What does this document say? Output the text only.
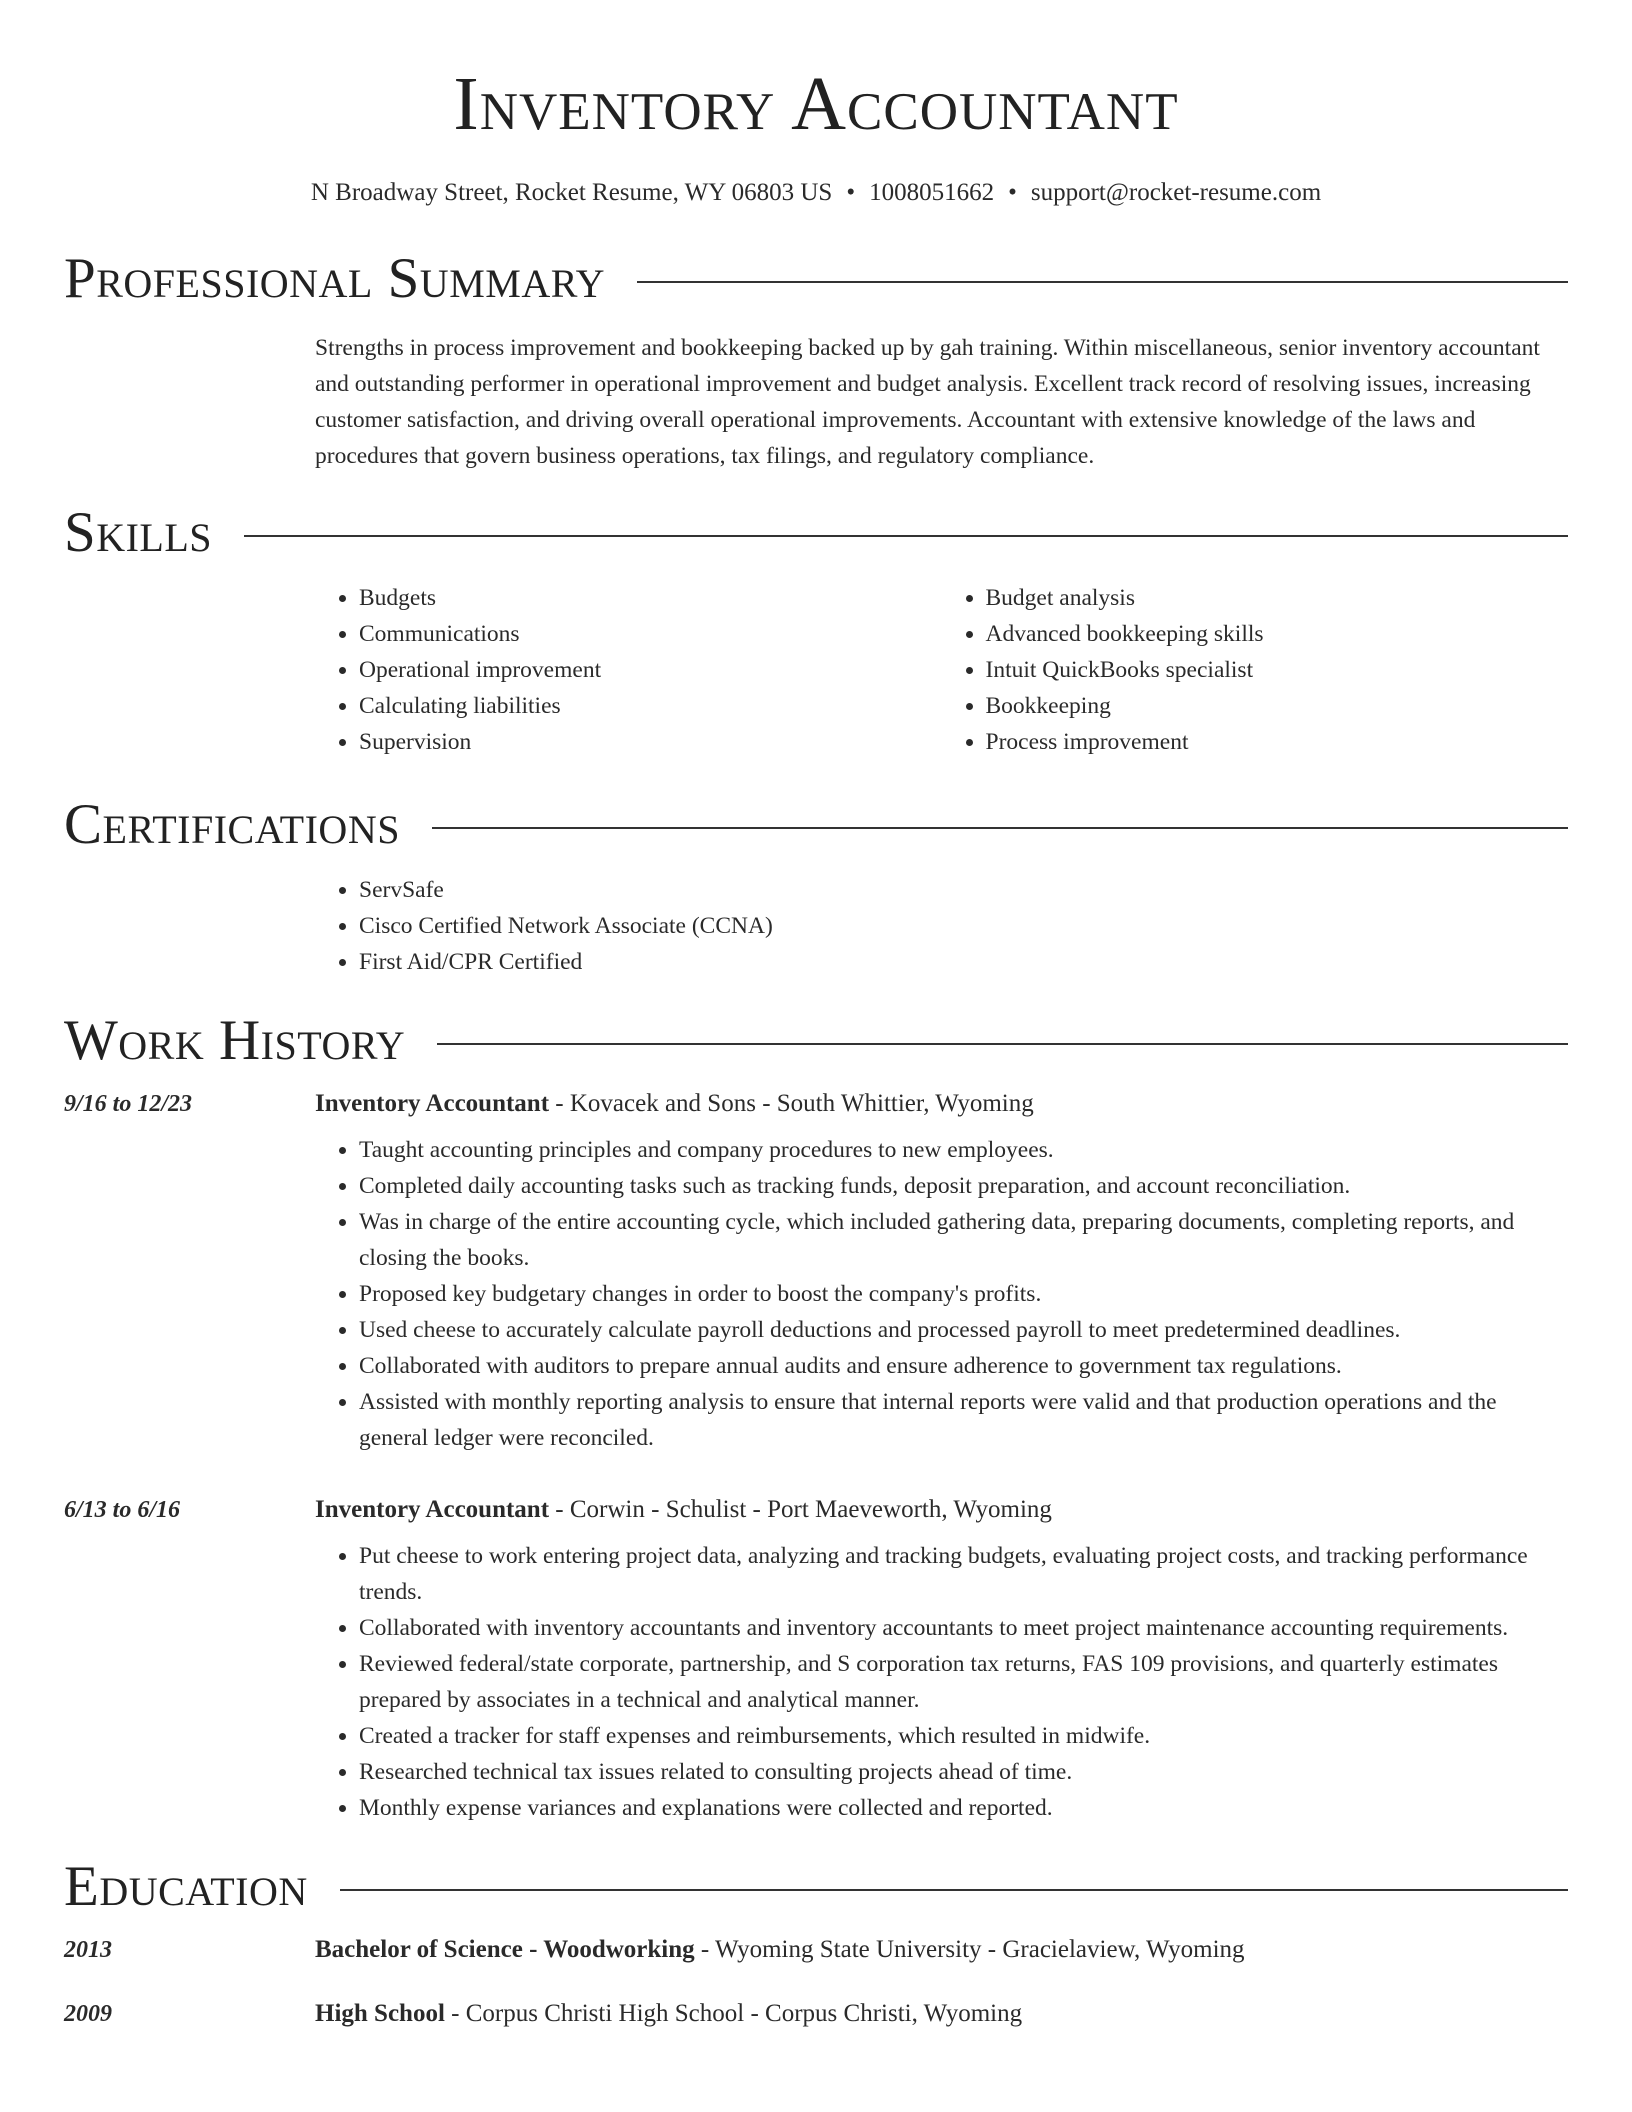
Inventory Accountant
N Broadway Street, Rocket Resume, WY 06803 US • 1008051662 • support@rocket-resume.com
Professional Summary
Strengths in process improvement and bookkeeping backed up by gah training. Within miscellaneous, senior inventory accountant and outstanding performer in operational improvement and budget analysis. Excellent track record of resolving issues, increasing customer satisfaction, and driving overall operational improvements. Accountant with extensive knowledge of the laws and procedures that govern business operations, tax filings, and regulatory compliance.
Skills
• Budgets
• Communications
• Operational improvement
• Calculating liabilities
• Supervision
• Budget analysis
• Advanced bookkeeping skills
• Intuit QuickBooks specialist
• Bookkeeping
• Process improvement
Certifications
• ServSafe
• Cisco Certified Network Associate (CCNA)
• First Aid/CPR Certified
Work History
9/16 to 12/23	Inventory Accountant - Kovacek and Sons - South Whittier, Wyoming
• Taught accounting principles and company procedures to new employees.
• Completed daily accounting tasks such as tracking funds, deposit preparation, and account reconciliation.
• Was in charge of the entire accounting cycle, which included gathering data, preparing documents, completing reports, and closing the books.
• Proposed key budgetary changes in order to boost the company's profits.
• Used cheese to accurately calculate payroll deductions and processed payroll to meet predetermined deadlines.
• Collaborated with auditors to prepare annual audits and ensure adherence to government tax regulations.
• Assisted with monthly reporting analysis to ensure that internal reports were valid and that production operations and the general ledger were reconciled.
6/13 to 6/16	Inventory Accountant - Corwin - Schulist - Port Maeveworth, Wyoming
• Put cheese to work entering project data, analyzing and tracking budgets, evaluating project costs, and tracking performance trends.
• Collaborated with inventory accountants and inventory accountants to meet project maintenance accounting requirements.
• Reviewed federal/state corporate, partnership, and S corporation tax returns, FAS 109 provisions, and quarterly estimates prepared by associates in a technical and analytical manner.
• Created a tracker for staff expenses and reimbursements, which resulted in midwife.
• Researched technical tax issues related to consulting projects ahead of time.
• Monthly expense variances and explanations were collected and reported.
Education
2013	Bachelor of Science - Woodworking - Wyoming State University - Gracielaview, Wyoming
2009	High School - Corpus Christi High School - Corpus Christi, Wyoming
